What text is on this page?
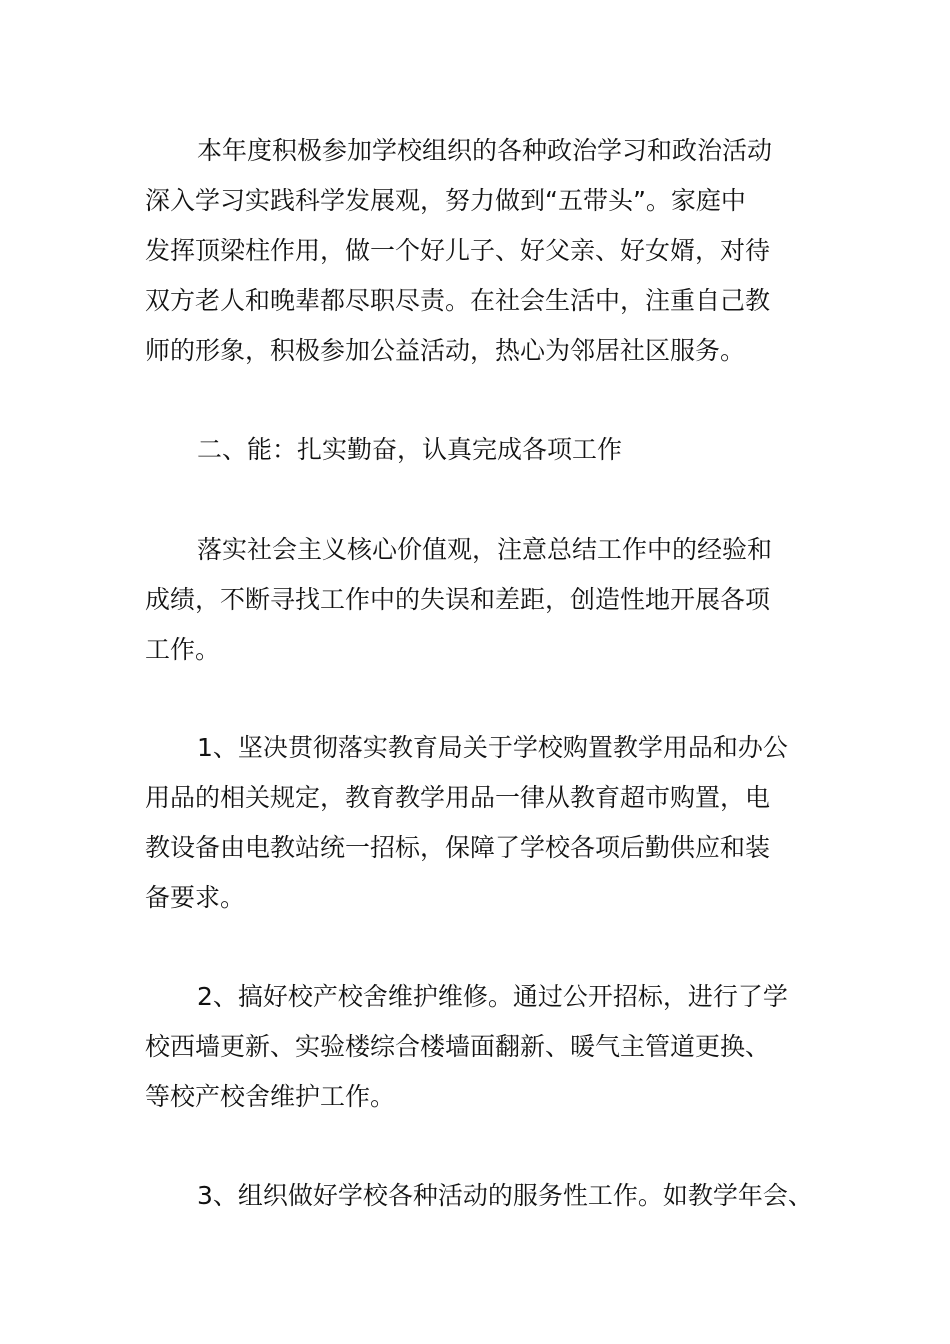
本年度积极参加学校组织的各种政治学习和政治活动
深入学习实践科学发展观，努力做到“五带头”。家庭中
发挥顶梁柱作用，做一个好儿子、好父亲、好女婿，对待
双方老人和晚辈都尽职尽责。在社会生活中，注重自己教
师的形象，积极参加公益活动，热心为邻居社区服务。
二、能：扎实勤奋，认真完成各项工作
落实社会主义核心价值观，注意总结工作中的经验和
成绩，不断寻找工作中的失误和差距，创造性地开展各项
工作。
1、坚决贯彻落实教育局关于学校购置教学用品和办公
用品的相关规定，教育教学用品一律从教育超市购置，电
教设备由电教站统一招标，保障了学校各项后勤供应和装
备要求。
2、搞好校产校舍维护维修。通过公开招标，进行了学
校西墙更新、实验楼综合楼墙面翻新、暖气主管道更换、
等校产校舍维护工作。
3、组织做好学校各种活动的服务性工作。如教学年会、
